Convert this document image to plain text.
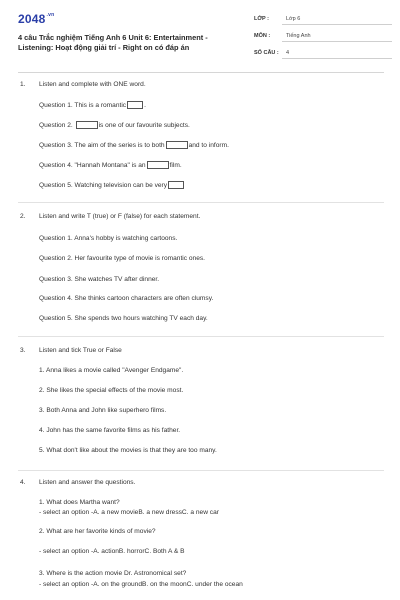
$2048^{.vn}$
4 câu Trắc nghiệm Tiếng Anh 6 Unit 6: Entertainment -
Listening: Hoạt động giải trí - Right on có đáp án
LỚP :	Lớp 6
MÔN :	Tiếng Anh
SỐ CÂU : 4
1. Listen and complete with ONE word.
Question 1. This is a romantic	.
Question 2.	is one of our favourite subjects.
Question 3. The aim of the series is to both	and to inform.
Question 4. "Hannah Montana" is an	film.
Question 5. Watching television can be very
2. Listen and write T (true) or F (false) for each statement.
Question 1. Anna's hobby is watching cartoons.
Question 2. Her favourite type of movie is romantic ones.
Question 3. She watches TV after dinner.
Question 4. She thinks cartoon characters are often clumsy.
Question 5. She spends two hours watching TV each day.
3. Listen and tick True or False
1. Anna likes a movie called "Avenger Endgame".
2. She likes the special effects of the movie most.
3. Both Anna and John like superhero films.
4. John has the same favorite films as his father.
5. What don't like about the movies is that they are too many.
4. Listen and answer the questions.
1. What does Martha want?
- select an option -A. a new movieB. a new dressC. a new car
2. What are her favorite kinds of movie?
- select an option -A. actionB. horrorC. Both A & B
3. Where is the action movie Dr. Astronomical set?
- select an option -A. on the groundB. on the moonC. under the ocean
